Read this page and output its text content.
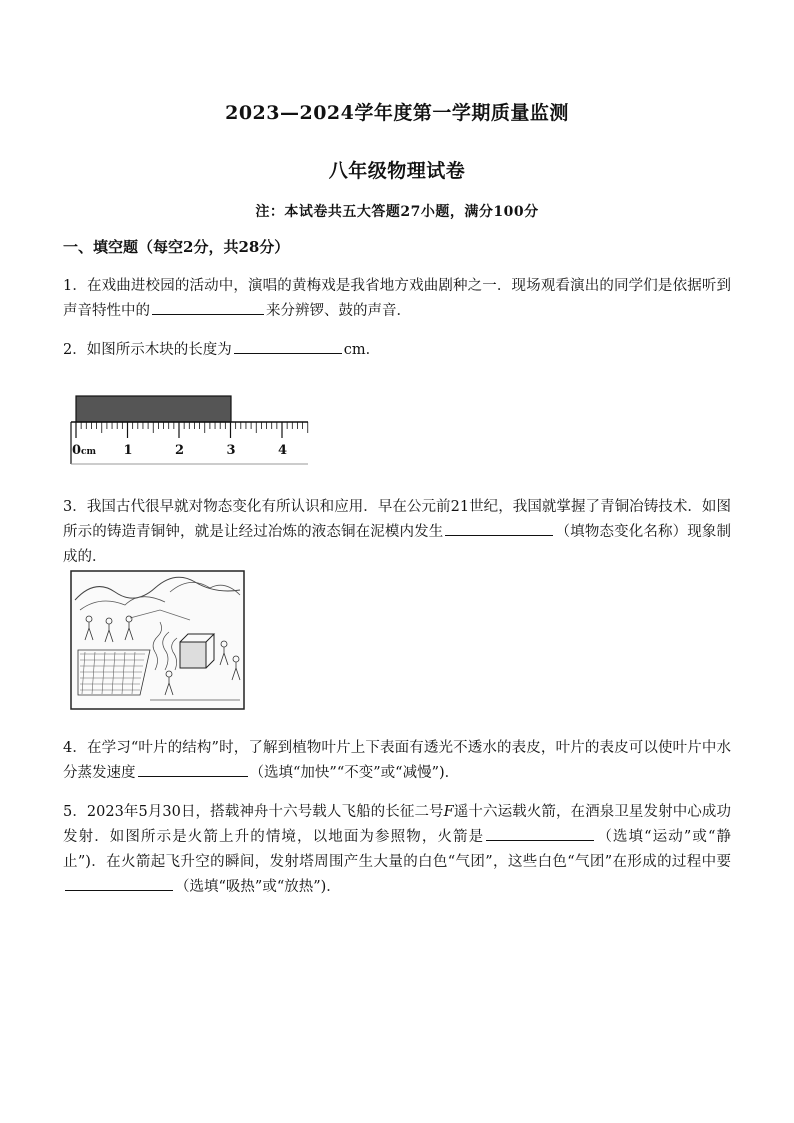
2023—2024学年度第一学期质量监测
八年级物理试卷
注：本试卷共五大答题27小题，满分100分
一、填空题（每空2分，共28分）
1．在戏曲进校园的活动中，演唱的黄梅戏是我省地方戏曲剧种之一．现场观看演出的同学们是依据听到声音特性中的	来分辨锣、鼓的声音．
2．如图所示木块的长度为	cm．
0cm 1	2	3	4
3．我国古代很早就对物态变化有所认识和应用．早在公元前21世纪，我国就掌握了青铜冶铸技术．如图所示的铸造青铜钟，就是让经过冶炼的液态铜在泥模内发生	（填物态变化名称）现象制成的．
4．在学习“叶片的结构”时，了解到植物叶片上下表面有透光不透水的表皮，叶片的表皮可以使叶片中水分蒸发速度	（选填“加快”“不变”或“减慢”)．
5．2023年5月30日，搭载神舟十六号载人飞船的长征二号F遥十六运载火箭，在酒泉卫星发射中心成功发射．如图所示是火箭上升的情境，以地面为参照物，火箭是	（选填“运动”或“静止”)．在火箭起飞升空的瞬间，发射塔周围产生大量的白色“气团”，这些白色“气团”在形成的过程中要（选填“吸热”或“放热”)．
